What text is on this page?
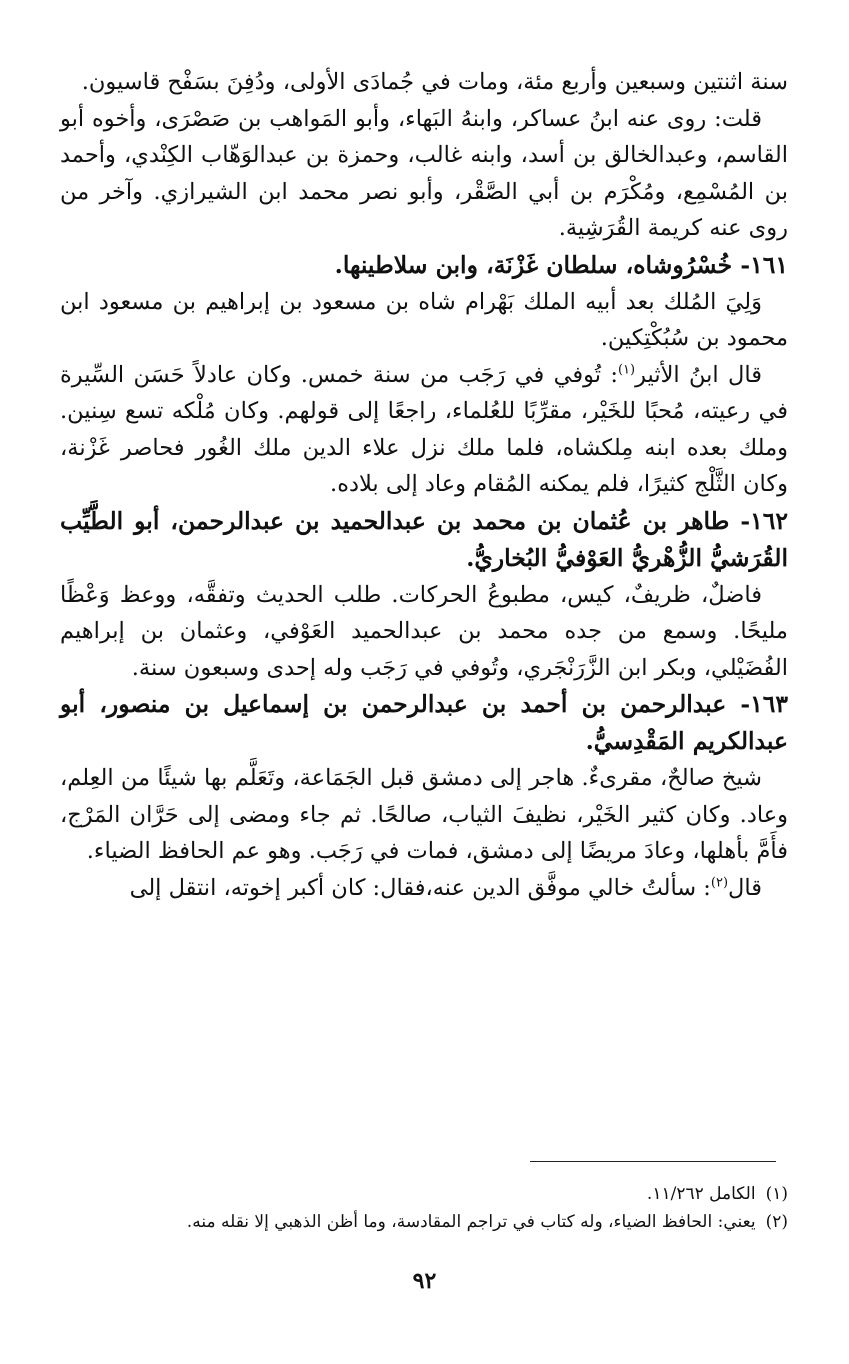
سنة اثنتين وسبعين وأربع مئة، ومات في جُمادَى الأولى، ودُفِنَ بسَفْح قاسيون.

قلت: روى عنه ابنُ عساكر، وابنهُ البَهاء، وأبو المَواهب بن صَصْرَى، وأخوه أبو القاسم، وعبدالخالق بن أسد، وابنه غالب، وحمزة بن عبدالوَهّاب الكِنْدي، وأحمد بن المُسْمِع، ومُكْرَم بن أبي الصَّقْر، وأبو نصر محمد ابن الشيرازي. وآخر من روى عنه كريمة القُرَشِية.

١٦١- خُسْرُوشاه، سلطان غَزْنَة، وابن سلاطينها.

وَلِيَ المُلك بعد أبيه الملك بَهْرام شاه بن مسعود بن إبراهيم بن مسعود ابن محمود بن سُبُكْتِكين.

قال ابنُ الأثير$^{(١)}$: تُوفي في رَجَب من سنة خمس. وكان عادلاً حَسَن السِّيرة في رعيته، مُحبًا للخَيْر، مقرِّبًا للعُلماء، راجعًا إلى قولهم. وكان مُلْكه تسع سِنين. وملك بعده ابنه مِلكشاه، فلما ملك نزل علاء الدين ملك الغُور فحاصر غَزْنة، وكان الثَّلْج كثيرًا، فلم يمكنه المُقام وعاد إلى بلاده.

١٦٢- طاهر بن عُثمان بن محمد بن عبدالحميد بن عبدالرحمن، أبو الطَّيِّب القُرَشيُّ الزُّهْريُّ العَوْفيُّ البُخاريُّ.

فاضلٌ، ظريفٌ، كيس، مطبوعُ الحركات. طلب الحديث وتفقَّه، ووعظ وَعْظًا مليحًا. وسمع من جده محمد بن عبدالحميد العَوْفي، وعثمان بن إبراهيم الفُضَيْلي، وبكر ابن الزَّرَنْجَري، وتُوفي في رَجَب وله إحدى وسبعون سنة.

١٦٣- عبدالرحمن بن أحمد بن عبدالرحمن بن إسماعيل بن منصور، أبو عبدالكريم المَقْدِسيُّ.

شيخ صالحٌ، مقرىءٌ. هاجر إلى دمشق قبل الجَمَاعة، وتَعَلَّم بها شيئًا من العِلم، وعاد. وكان كثير الخَيْر، نظيفَ الثياب، صالحًا. ثم جاء ومضى إلى حَرَّان المَرْج، فأَمَّ بأهلها، وعادَ مريضًا إلى دمشق، فمات في رَجَب. وهو عم الحافظ الضياء.

قال$^{(٢)}$: سألتُ خالي موفَّق الدين عنه،فقال: كان أكبر إخوته، انتقل إلى

(١)
الكامل ١١/٢٦٢.

(٢)
يعني: الحافظ الضياء، وله كتاب في تراجم المقادسة، وما أظن الذهبي إلا نقله منه.

٩٢
